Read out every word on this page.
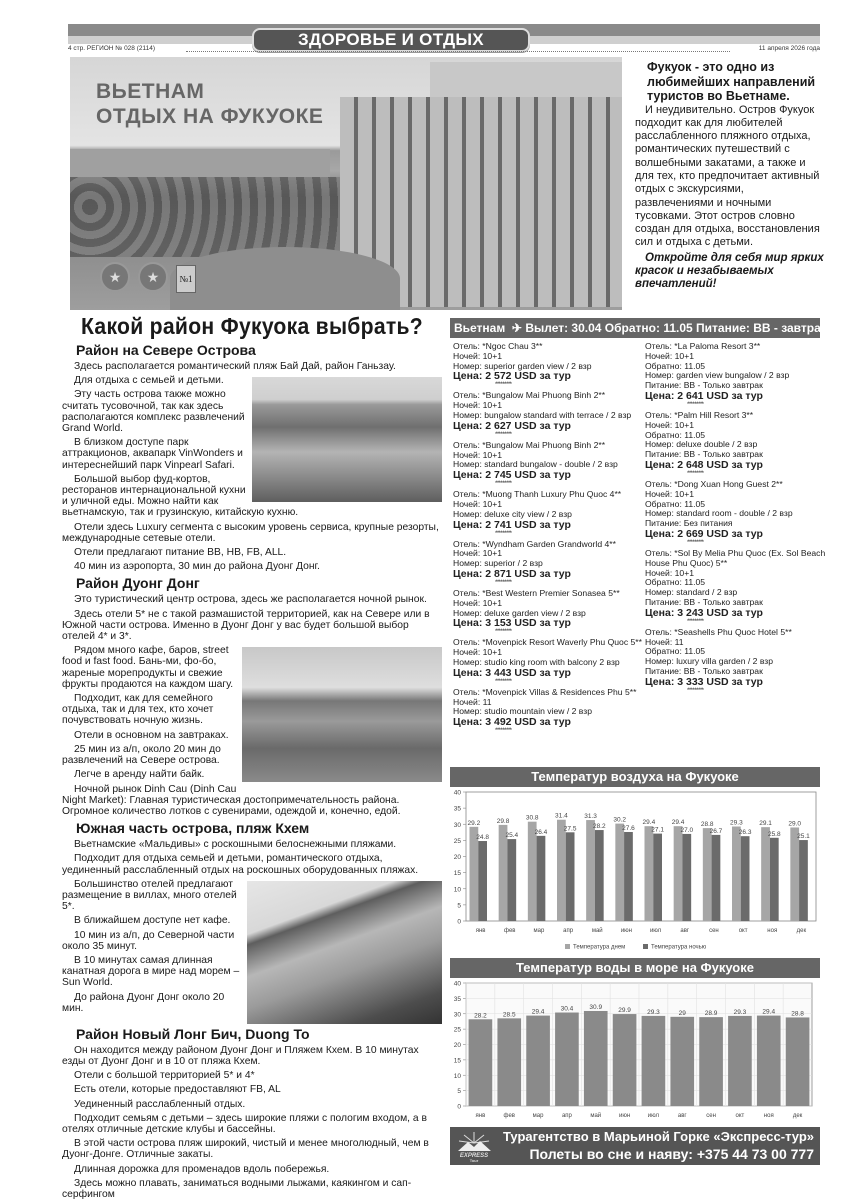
ЗДОРОВЬЕ И ОТДЫХ
4 стр. РЕГИОН № 028 (2114)	11 апреля 2026 года
ВЬЕТНАМ
ОТДЫХ НА ФУКУОКЕ
★	★	№1
Фукуок - это одно из любимейших направлений туристов во Вьетнаме.

И неудивительно. Остров Фукуок подходит как для любителей расслабленного пляжного отдыха, романтических путешествий с волшебными закатами, а также и для тех, кто предпочитает активный отдых с экскурсиями, развлечениями и ночными тусовками. Этот остров словно создан для отдыха, восстановления сил и отдыха с детьми.

Откройте для себя мир ярких красок и незабываемых впечатлений!

Какой район Фукуока выбрать?
Район на Севере Острова

Здесь располагается романтический пляж Бай Дай, район Ганьзау.

Для отдыха с семьей и детьми.

Эту часть острова также можно считать тусовочной, так как здесь располагаются комплекс развлечений Grand World.

В близком доступе парк аттракционов, аквапарк VinWonders и интереснейший парк Vinpearl Safari.

Большой выбор фуд-кортов, ресторанов интернациональной кухни и уличной еды. Можно найти как вьетнамскую, так и грузинскую, китайскую кухню.

Отели здесь Luxury сегмента с высоким уровень сервиса, крупные резорты, международные сетевые отели.

Отели предлагают питание BB, HB, FB, ALL.

40 мин из аэропорта, 30 мин до района Дуонг Донг.

Район Дуонг Донг

Это туристический центр острова, здесь же располагается ночной рынок.

Здесь отели 5* не с такой размашистой территорией, как на Севере или в Южной части острова. Именно в Дуонг Донг у вас будет большой выбор отелей 4* и 3*.

Рядом много кафе, баров, street food и fast food. Бань-ми, фо-бо, жареные морепродукты и свежие фрукты продаются на каждом шагу.

Подходит, как для семейного отдыха, так и для тех, кто хочет почувствовать ночную жизнь.

Отели в основном на завтраках.

25 мин из а/п, около 20 мин до развлечений на Севере острова.

Легче в аренду найти байк.

Ночной рынок Dinh Cau (Dinh Cau Night Market): Главная туристическая достопримечательность района. Огромное количество лотков с сувенирами, одеждой и, конечно, едой.

Южная часть острова, пляж Кхем

Вьетнамские «Мальдивы» с роскошными белоснежными пляжами.

Подходит для отдыха семьей и детьми, романтического отдыха, уединенный расслабленный отдых на роскошных оборудованных пляжах.

Большинство отелей предлагают размещение в виллах, много отелей 5*.

В ближайшем доступе нет кафе.

10 мин из а/п, до Северной части около 35 минут.

В 10 минутах самая длинная канатная дорога в мире над морем – Sun World.

До района Дуонг Донг около 20 мин.

Район Новый Лонг Бич, Duong To

Он находится между районом Дуонг Донг и Пляжем Кхем. В 10 минутах езды от Дуонг Донг и в 10 от пляжа Кхем.

Отели с большой территорией 5* и 4*

Есть отели, которые предоставляют FB, AL

Уединенный расслабленный отдых.

Подходит семьям с детьми – здесь широкие пляжи с пологим входом, а в отелях отличные детские клубы и бассейны.

В этой части острова пляж широкий, чистый и менее многолюдный, чем в Дуонг-Донге. Отличные закаты.

Длинная дорожка для променадов вдоль побережья.

Здесь можно плавать, заниматься водными лыжами, каякингом и сап-серфингом

Вьетнам ✈ Вылет: 30.04 Обратно: 11.05 Питание: BB - завтраки
Отель: *Ngoc Chau 3**
Ночей: 10+1
Номер: superior garden view / 2 взр
Цена: 2 572 USD за тур
*********
Отель: *Bungalow Mai Phuong Binh 2**
Ночей: 10+1
Номер: bungalow standard with terrace / 2 взр
Цена: 2 627 USD за тур
*********
Отель: *Bungalow Mai Phuong Binh 2**
Ночей: 10+1
Номер: standard bungalow - double / 2 взр
Цена: 2 745 USD за тур
*********
Отель: *Muong Thanh Luxury Phu Quoc 4**
Ночей: 10+1
Номер: deluxe city view / 2 взр
Цена: 2 741 USD за тур
*********
Отель: *Wyndham Garden Grandworld 4**
Ночей: 10+1
Номер: superior / 2 взр
Цена: 2 871 USD за тур
*********
Отель: *Best Western Premier Sonasea 5**
Ночей: 10+1
Номер: deluxe garden view / 2 взр
Цена: 3 153 USD за тур
*********
Отель: *Movenpick Resort Waverly Phu Quoc 5**
Ночей: 10+1
Номер: studio king room with balcony 2 взр
Цена: 3 443 USD за тур
*********
Отель: *Movenpick Villas & Residences Phu 5**
Ночей: 11
Номер: studio mountain view / 2 взр
Цена: 3 492 USD за тур
*********
Отель: *La Paloma Resort 3**
Ночей: 10+1
Обратно: 11.05
Номер: garden view bungalow / 2 взр
Питание: BB - Только завтрак
Цена: 2 641 USD за тур
*********
Отель: *Palm Hill Resort 3**
Ночей: 10+1
Обратно: 11.05
Номер: deluxe double / 2 взр
Питание: BB - Только завтрак
Цена: 2 648 USD за тур
*********
Отель: *Dong Xuan Hong Guest 2**
Ночей: 10+1
Обратно: 11.05
Номер: standard room - double / 2 взр
Питание: Без питания
Цена: 2 669 USD за тур
*********
Отель: *Sol By Melia Phu Quoc (Ex. Sol Beach House Phu Quoc) 5**
Ночей: 10+1
Обратно: 11.05
Номер: standard / 2 взр
Питание: BB - Только завтрак
Цена: 3 243 USD за тур
*********
Отель: *Seashells Phu Quoc Hotel 5**
Ночей: 11
Обратно: 11.05
Номер: luxury villa garden / 2 взр
Питание: BB - Только завтрак
Цена: 3 333 USD за тур
*********
Температур воздуха на Фукуоке
0
5
10
15
20
25
30
35
40
янв	фев	мар	апр	май	июн	июл	авг	сен	окт	ноя	дек
29.2	29.8	30.8	31.4	31.3
30.2	29.4	29.4	28.8	29.3	29.1	29.0
24.8	25.4	26.4
27.5	28.2	27.6	27.1	27.0	26.7	26.3	25.8	25.1
Температура днем	Температура ночью
Температур воды в море на Фукуоке
0
5
10
15
20
25
30
35
40
янв	фев	мар	апр	май	июн	июл	авг	сен	окт	ноя	дек
28.2 28.5 29.4 30.4 30.9 29.9 29.3	29	28.9 29.3 29.4 28.8
EXPRESS
Tour
Турагентство в Марьиной Горке «Экспресс-тур»
Полеты во сне и наяву: +375 44 73 00 777
